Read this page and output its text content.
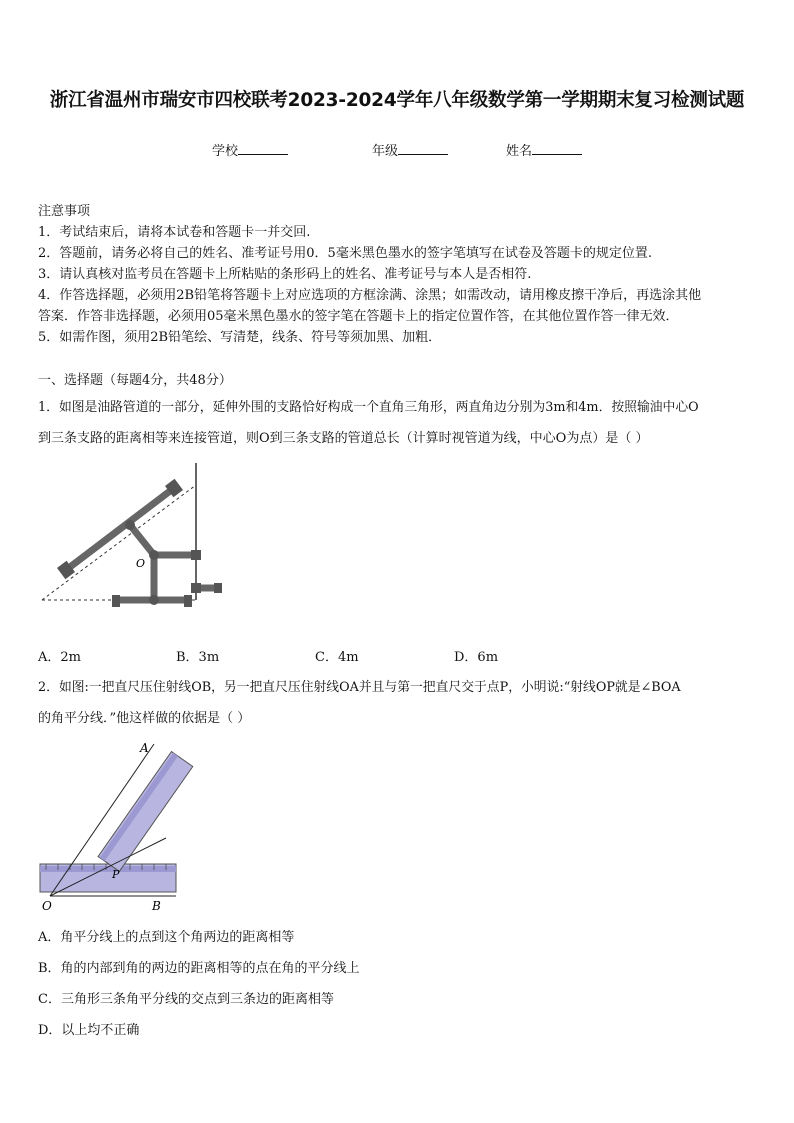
浙江省温州市瑞安市四校联考2023-2024学年八年级数学第一学期期末复习检测试题
学校	年级	姓名
注意事项
1．考试结束后，请将本试卷和答题卡一并交回.
2．答题前，请务必将自己的姓名、准考证号用0．5毫米黑色墨水的签字笔填写在试卷及答题卡的规定位置.
3．请认真核对监考员在答题卡上所粘贴的条形码上的姓名、准考证号与本人是否相符.
4．作答选择题，必须用2B铅笔将答题卡上对应选项的方框涂满、涂黑；如需改动，请用橡皮擦干净后，再选涂其他
答案．作答非选择题，必须用05毫米黑色墨水的签字笔在答题卡上的指定位置作答，在其他位置作答一律无效．
5．如需作图，须用2B铅笔绘、写清楚，线条、符号等须加黑、加粗．
一、选择题（每题4分，共48分）
1．如图是油路管道的一部分，延伸外围的支路恰好构成一个直角三角形，两直角边分别为3m和4m．按照输油中心O
到三条支路的距离相等来连接管道，则O到三条支路的管道总长（计算时视管道为线，中心O为点）是（ ）
O
A．2m	B．3m	C．4m	D．6m
2．如图:一把直尺压住射线OB，另一把直尺压住射线OA并且与第一把直尺交于点P，小明说:“射线OP就是∠BOA
的角平分线．”他这样做的依据是（ ）
A
O	B
P
A．角平分线上的点到这个角两边的距离相等
B．角的内部到角的两边的距离相等的点在角的平分线上
C．三角形三条角平分线的交点到三条边的距离相等
D．以上均不正确
